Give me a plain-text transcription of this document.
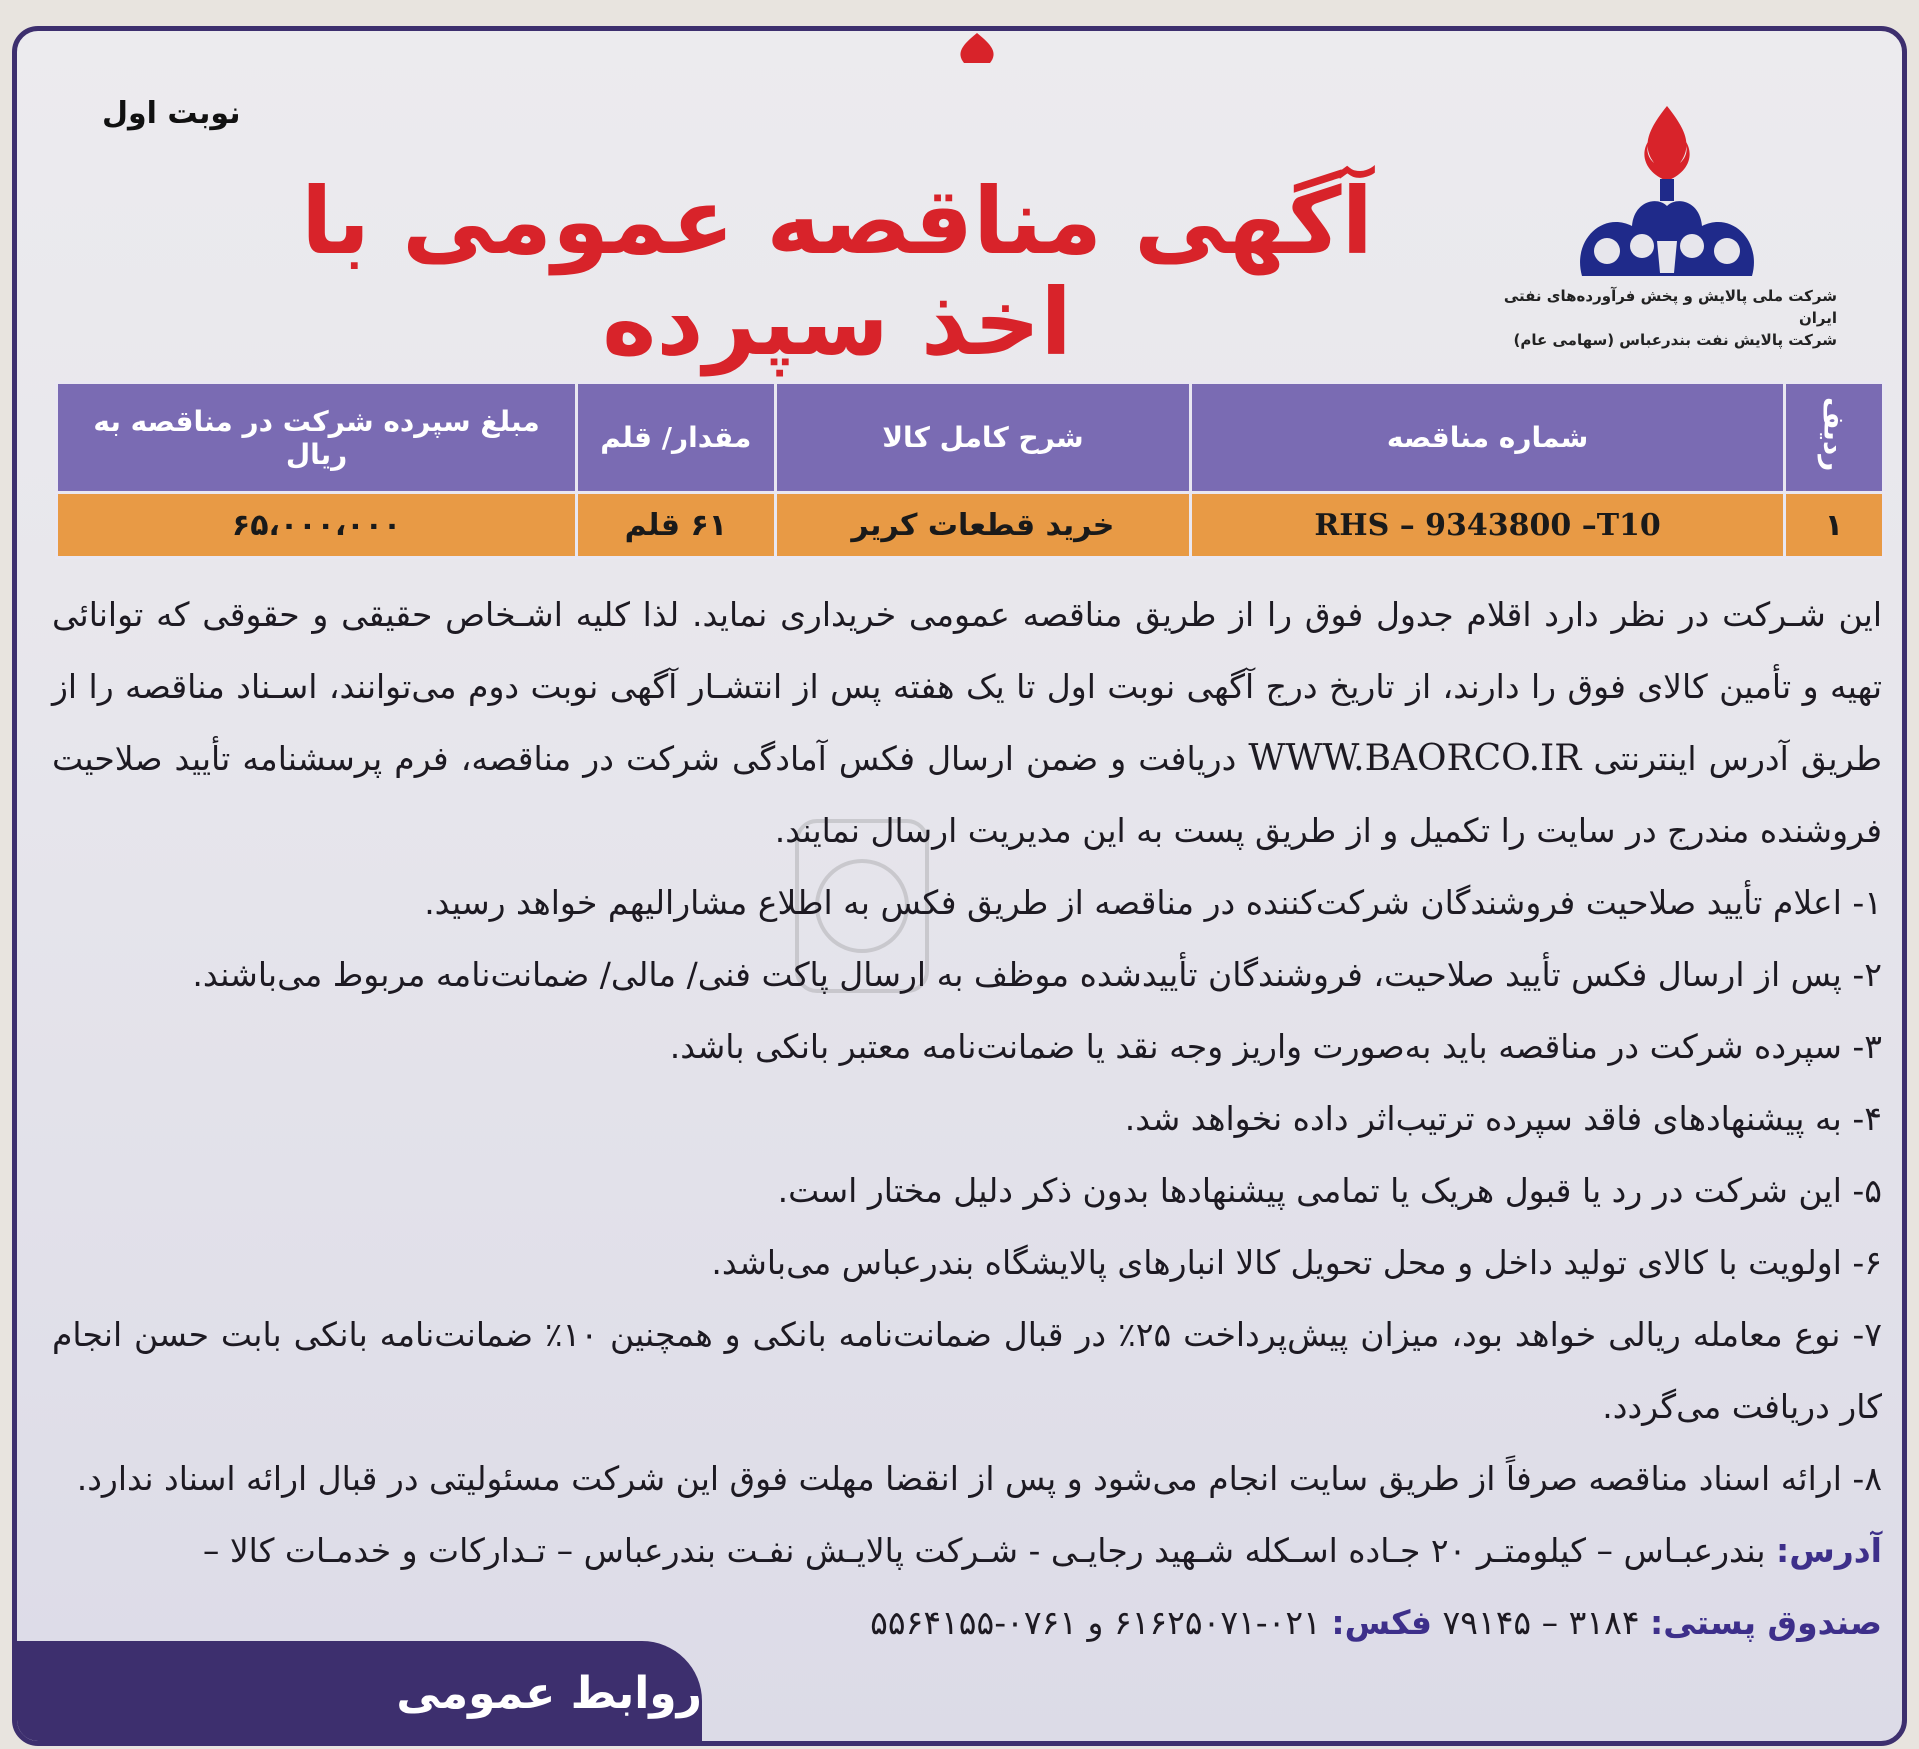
نوبت اول
آگهی مناقصه عمومی با اخذ سپرده	شرکت ملی پالایش و پخش فرآورده‌های نفتی ایران
شرکت پالایش نفت بندرعباس (سهامی عام)
ردیف	شماره مناقصه	شرح کامل کالا	مقدار/ قلم	مبلغ سپرده شرکت در مناقصه به ریال
۱	RHS – 9343800 –T10	خرید قطعات کریر	۶۱ قلم	۶۵،۰۰۰،۰۰۰

این شـرکت در نظر دارد اقلام جدول فوق را از طریق مناقصه عمومی خریداری نماید. لذا کلیه اشـخاص حقیقی و حقوقی که توانائی تهیه و تأمین کالای فوق را دارند، از تاریخ درج آگهی نوبت اول تا یک هفته پس از انتشـار آگهی نوبت دوم می‌توانند، اسـناد مناقصه را از طریق آدرس اینترنتی WWW.BAORCO.IR دریافت و ضمن ارسال فکس آمادگی شرکت در مناقصه، فرم پرسشنامه تأیید صلاحیت فروشنده مندرج در سایت را تکمیل و از طریق پست به این مدیریت ارسال نمایند.

۱- اعلام تأیید صلاحیت فروشندگان شرکت‌کننده در مناقصه از طریق فکس به اطلاع مشارالیهم خواهد رسید.

۲- پس از ارسال فکس تأیید صلاحیت، فروشندگان تأییدشده موظف به ارسال پاکت فنی/ مالی/ ضمانت‌نامه مربوط می‌باشند.

۳- سپرده شرکت در مناقصه باید به‌صورت واریز وجه نقد یا ضمانت‌نامه معتبر بانکی باشد.

۴- به پیشنهادهای فاقد سپرده ترتیب‌اثر داده نخواهد شد.

۵- این شرکت در رد یا قبول هریک یا تمامی پیشنهادها بدون ذکر دلیل مختار است.

۶- اولویت با کالای تولید داخل و محل تحویل کالا انبارهای پالایشگاه بندرعباس می‌باشد.

۷- نوع معامله ریالی خواهد بود، میزان پیش‌پرداخت ۲۵٪ در قبال ضمانت‌نامه بانکی و همچنین ۱۰٪ ضمانت‌نامه بانکی بابت حسن انجام کار دریافت می‌گردد.

۸- ارائه اسناد مناقصه صرفاً از طریق سایت انجام می‌شود و پس از انقضا مهلت فوق این شرکت مسئولیتی در قبال ارائه اسناد ندارد.

آدرس: بندرعبـاس – کیلومتـر ۲۰ جـاده اسـکله شـهید رجایـی - شـرکت پالایـش نفـت بندرعباس – تـدارکات و خدمـات کالا –

صندوق پستی: ۳۱۸۴ – ۷۹۱۴۵ فکس: ۰۲۱-۶۱۶۲۵۰۷۱ و ۰۷۶۱-۵۵۶۴۱۵۵

روابط عمومی
